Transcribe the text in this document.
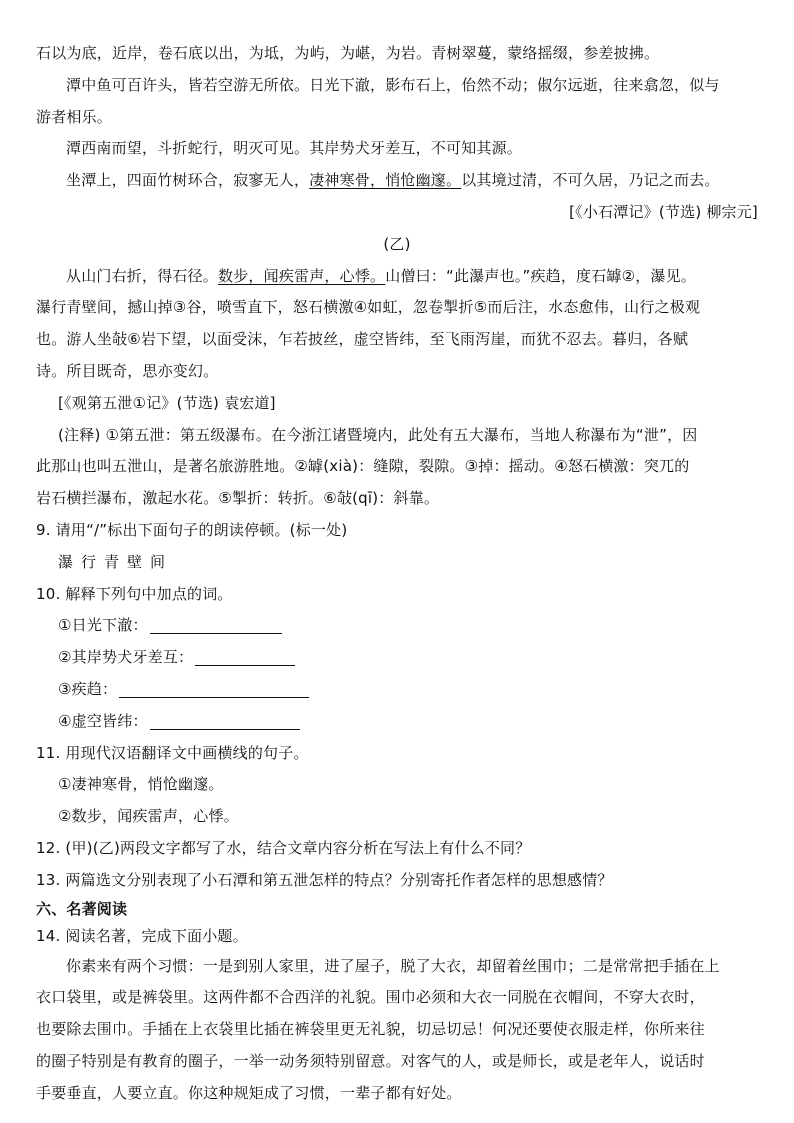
石以为底，近岸，卷石底以出，为坻，为屿，为嵁，为岩。青树翠蔓，蒙络摇缀，参差披拂。
潭中鱼可百许头，皆若空游无所依。日光下澈，影布石上，佁然不动；俶尔远逝，往来翕忽，似与
游者相乐。
潭西南而望，斗折蛇行，明灭可见。其岸势犬牙差互，不可知其源。
坐潭上，四面竹树环合，寂寥无人，凄神寒骨，悄怆幽邃。以其境过清，不可久居，乃记之而去。
[《小石潭记》(节选) 柳宗元]
(乙)
从山门右折，得石径。数步，闻疾雷声，心悸。山僧曰：“此瀑声也。”疾趋，度石罅②，瀑见。
瀑行青壁间，撼山掉③谷，喷雪直下，怒石横激④如虹，忽卷掣折⑤而后注，水态愈伟，山行之极观
也。游人坐敧⑥岩下望，以面受沫，乍若披丝，虚空皆纬，至飞雨泻崖，而犹不忍去。暮归，各赋
诗。所目既奇，思亦变幻。
[《观第五泄①记》(节选) 袁宏道]
(注释) ①第五泄：第五级瀑布。在今浙江诸暨境内，此处有五大瀑布，当地人称瀑布为“泄”，因
此那山也叫五泄山，是著名旅游胜地。②罅(xià)：缝隙，裂隙。③掉：摇动。④怒石横激：突兀的
岩石横拦瀑布，激起水花。⑤掣折：转折。⑥敧(qī)：斜靠。
9. 请用“/”标出下面句子的朗读停顿。(标一处)
瀑行青壁间
10. 解释下列句中加点的词。
①日光下澈：
②其岸势犬牙差互：
③疾趋：
④虚空皆纬：
11. 用现代汉语翻译文中画横线的句子。
①凄神寒骨，悄怆幽邃。
②数步，闻疾雷声，心悸。
12. (甲)(乙)两段文字都写了水，结合文章内容分析在写法上有什么不同？
13. 两篇选文分别表现了小石潭和第五泄怎样的特点？分别寄托作者怎样的思想感情？
六、名著阅读
14. 阅读名著，完成下面小题。
你素来有两个习惯：一是到别人家里，进了屋子，脱了大衣，却留着丝围巾；二是常常把手插在上
衣口袋里，或是裤袋里。这两件都不合西洋的礼貌。围巾必须和大衣一同脱在衣帽间，不穿大衣时，
也要除去围巾。手插在上衣袋里比插在裤袋里更无礼貌，切忌切忌！何况还要使衣服走样，你所来往
的圈子特别是有教育的圈子，一举一动务须特别留意。对客气的人，或是师长，或是老年人，说话时
手要垂直，人要立直。你这种规矩成了习惯，一辈子都有好处。
